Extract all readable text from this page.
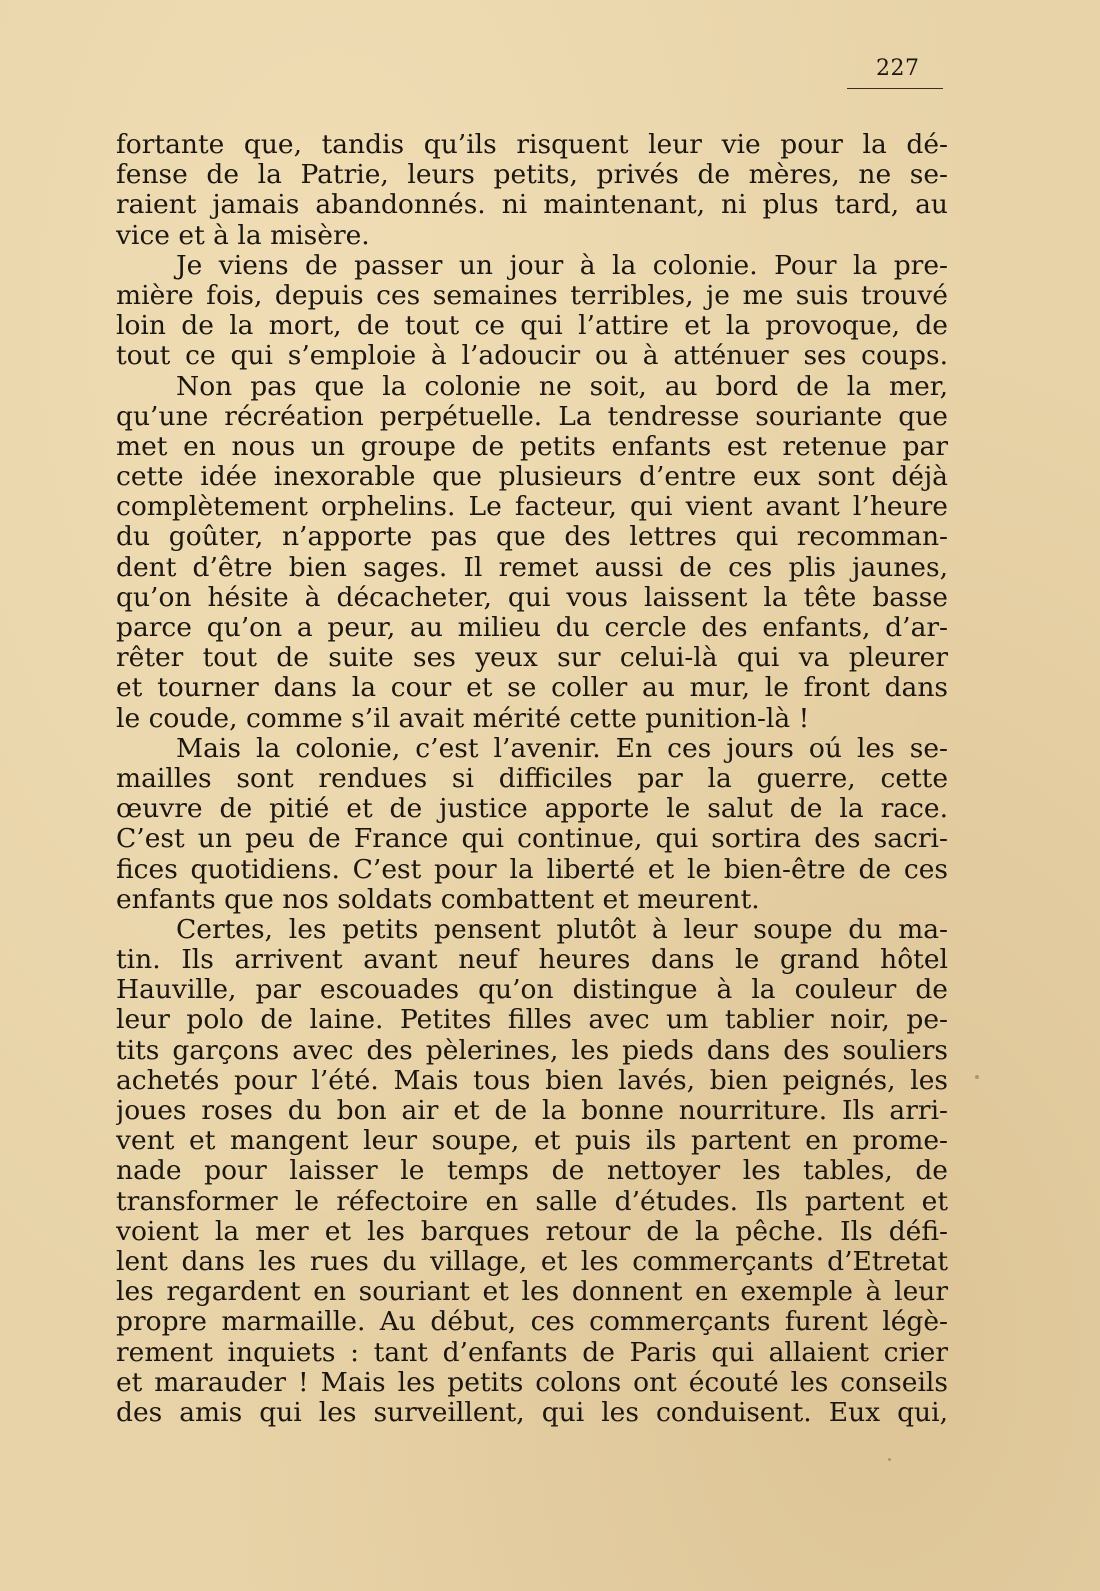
227
fortante que, tandis qu’ils risquent leur vie pour la dé-
fense de la Patrie, leurs petits, privés de mères, ne se-
raient jamais abandonnés. ni maintenant, ni plus tard, au
vice et à la misère.
Je viens de passer un jour à la colonie. Pour la pre-
mière fois, depuis ces semaines terribles, je me suis trouvé
loin de la mort, de tout ce qui l’attire et la provoque, de
tout ce qui s’emploie à l’adoucir ou à atténuer ses coups.
Non pas que la colonie ne soit, au bord de la mer,
qu’une récréation perpétuelle. La tendresse souriante que
met en nous un groupe de petits enfants est retenue par
cette idée inexorable que plusieurs d’entre eux sont déjà
complètement orphelins. Le facteur, qui vient avant l’heure
du goûter, n’apporte pas que des lettres qui recomman-
dent d’être bien sages. Il remet aussi de ces plis jaunes,
qu’on hésite à décacheter, qui vous laissent la tête basse
parce qu’on a peur, au milieu du cercle des enfants, d’ar-
rêter tout de suite ses yeux sur celui-là qui va pleurer
et tourner dans la cour et se coller au mur, le front dans
le coude, comme s’il avait mérité cette punition-là !
Mais la colonie, c’est l’avenir. En ces jours oú les se-
mailles sont rendues si difficiles par la guerre, cette
œuvre de pitié et de justice apporte le salut de la race.
C’est un peu de France qui continue, qui sortira des sacri-
fices quotidiens. C’est pour la liberté et le bien-être de ces
enfants que nos soldats combattent et meurent.
Certes, les petits pensent plutôt à leur soupe du ma-
tin. Ils arrivent avant neuf heures dans le grand hôtel
Hauville, par escouades qu’on distingue à la couleur de
leur polo de laine. Petites filles avec um tablier noir, pe-
tits garçons avec des pèlerines, les pieds dans des souliers
achetés pour l’été. Mais tous bien lavés, bien peignés, les
joues roses du bon air et de la bonne nourriture. Ils arri-
vent et mangent leur soupe, et puis ils partent en prome-
nade pour laisser le temps de nettoyer les tables, de
transformer le réfectoire en salle d’études. Ils partent et
voient la mer et les barques retour de la pêche. Ils défi-
lent dans les rues du village, et les commerçants d’Etretat
les regardent en souriant et les donnent en exemple à leur
propre marmaille. Au début, ces commerçants furent légè-
rement inquiets : tant d’enfants de Paris qui allaient crier
et marauder ! Mais les petits colons ont écouté les conseils
des amis qui les surveillent, qui les conduisent. Eux qui,
